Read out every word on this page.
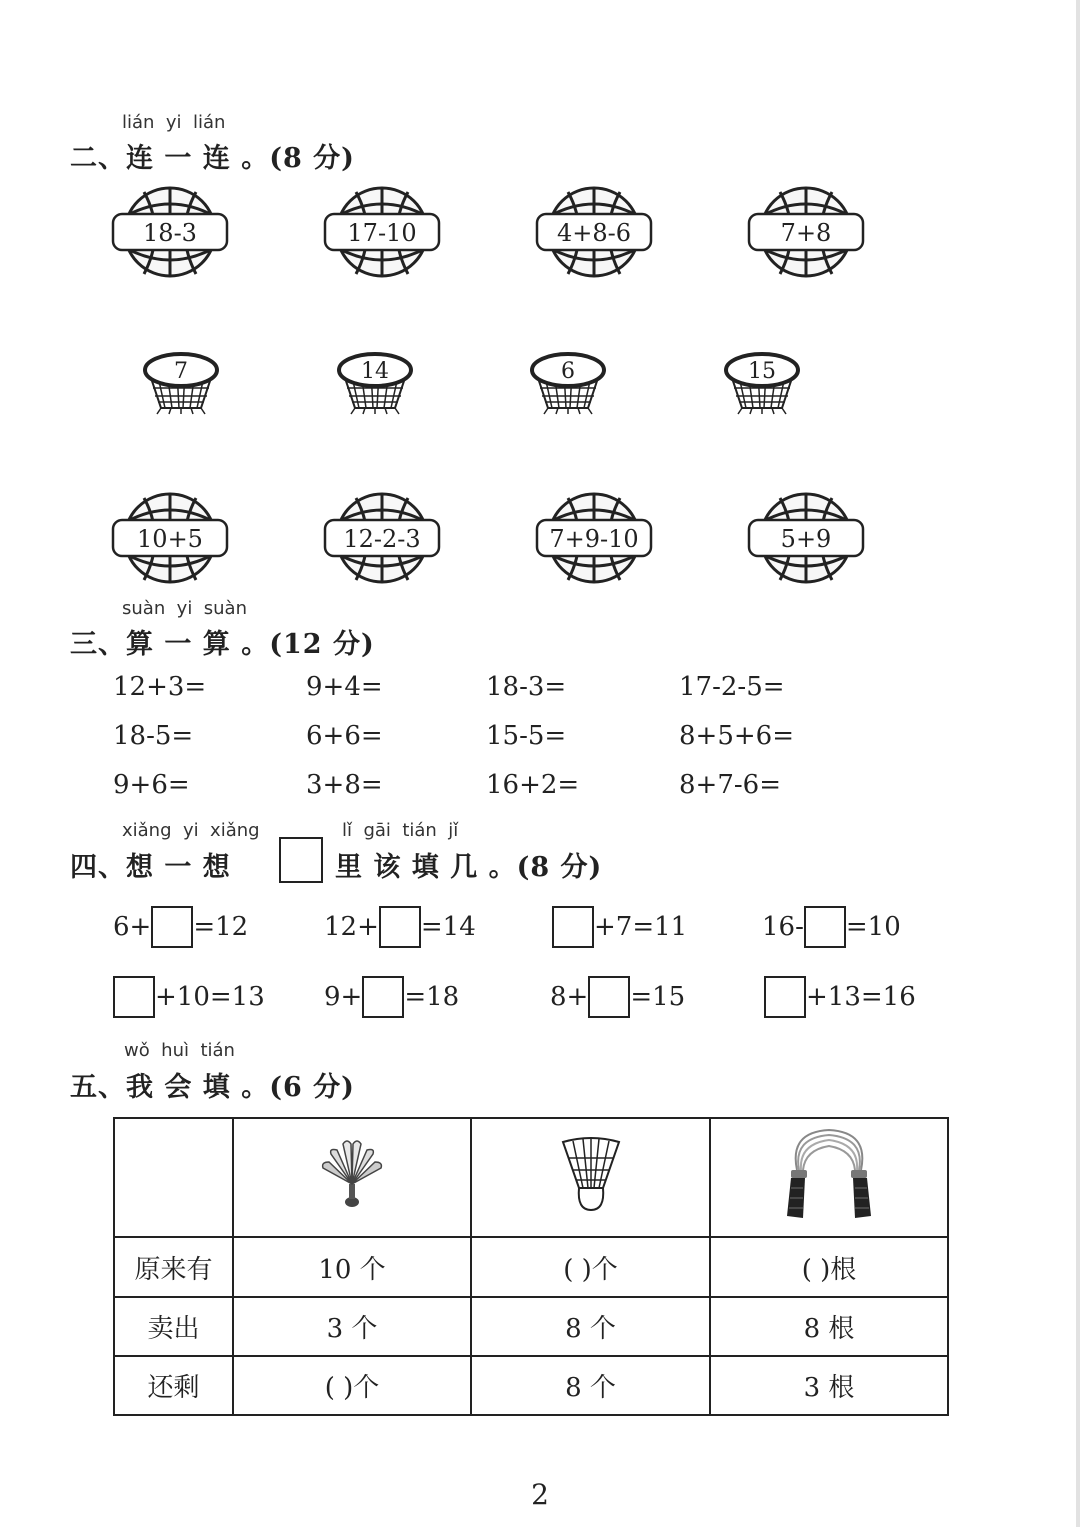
lián  yi  lián
二、连 一 连 。(8 分)
18-3	17-10	4+8-6	7+8
7	14	6	15
10+5	12-2-3	7+9-10	5+9
suàn  yi  suàn
三、算 一 算 。(12 分)
12+3=	9+4=	18-3=	17-2-5=
18-5=	6+6=	15-5=	8+5+6=
9+6=	3+8=	16+2=	8+7-6=
xiǎng  yi  xiǎng	lǐ  gāi  tián  jǐ
四、想 一 想	里 该 填 几 。(8 分)
6+ =12	12+ =14	+7=11	16- =10
+10=13 9+ =18	8+ =15	+13=16
wǒ  huì  tián
五、我 会 填 。(6 分)

原来有	10 个	( )个	( )根
卖出	3 个	8 个	8 根
还剩	( )个	8 个	3 根
2
